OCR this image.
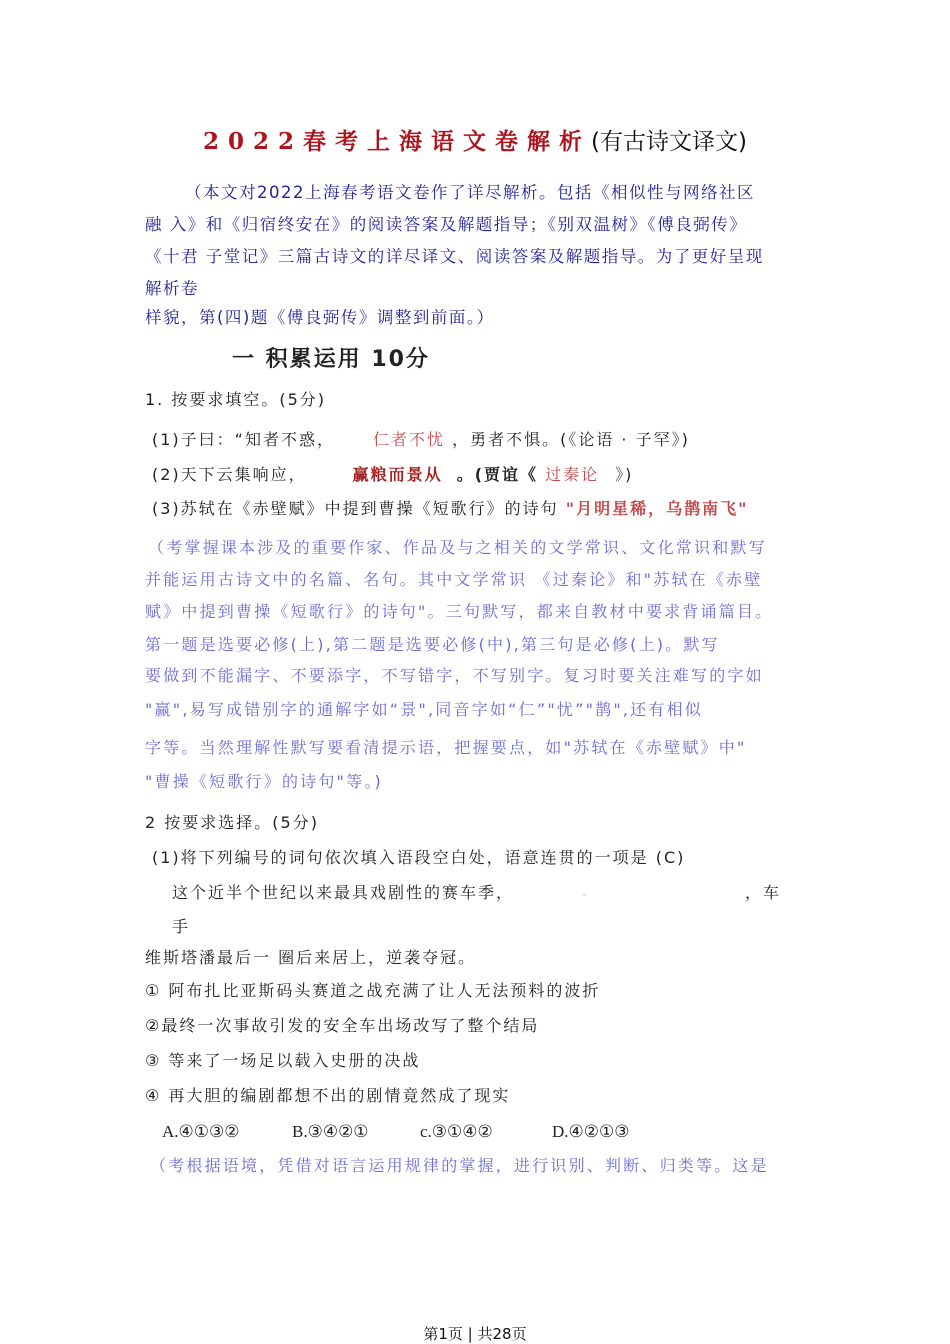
2022春考上海语文卷解析(有古诗文译文)
（本文对2022上海春考语文卷作了详尽解析。包括《相似性与网络社区
融 入》和《归宿终安在》的阅读答案及解题指导；《别双温树》《傅良弼传》
《十君 子堂记》三篇古诗文的详尽译文、阅读答案及解题指导。为了更好呈现
解析卷
样貌，第(四)题《傅良弼传》调整到前面。）
一 积累运用 10分
1. 按要求填空。(5分)
(1)子曰：“知者不惑， 仁者不忧 ，勇者不惧。(《论语 · 子罕》)
(2)天下云集响应，	赢粮而景从 。(贾谊《 过秦论 》)
(3)苏轼在《赤壁赋》中提到曹操《短歌行》的诗句 "月明星稀，乌鹊南飞"
（考掌握课本涉及的重要作家、作品及与之相关的文学常识、文化常识和默写
并能运用古诗文中的名篇、名句。其中文学常识 《过秦论》和"苏轼在《赤壁
赋》中提到曹操《短歌行》的诗句"。三句默写，都来自教材中要求背诵篇目。
第一题是选要必修(上),第二题是选要必修(中),第三句是必修(上)。默写
要做到不能漏字、不要添字，不写错字，不写别字。复习时要关注难写的字如
"赢",易写成错别字的通解字如“景",同音字如“仁”"忧”"鹊",还有相似
字等。当然理解性默写要看清提示语，把握要点，如"苏轼在《赤壁赋》中"
"曹操《短歌行》的诗句"等。)
2 按要求选择。(5分)
(1)将下列编号的词句依次填入语段空白处，语意连贯的一项是 (C)
这个近半个世纪以来最具戏剧性的赛车季，	。	，车
手
维斯塔潘最后一 圈后来居上，逆袭夺冠。
① 阿布扎比亚斯码头赛道之战充满了让人无法预料的波折
②最终一次事故引发的安全车出场改写了整个结局
③ 等来了一场足以载入史册的决战
④ 再大胆的编剧都想不出的剧情竟然成了现实
A.④①③②	B.③④②①	c.③①④②	D.④②①③
（考根据语境，凭借对语言运用规律的掌握，进行识别、判断、归类等。这是
第1页 | 共28页
